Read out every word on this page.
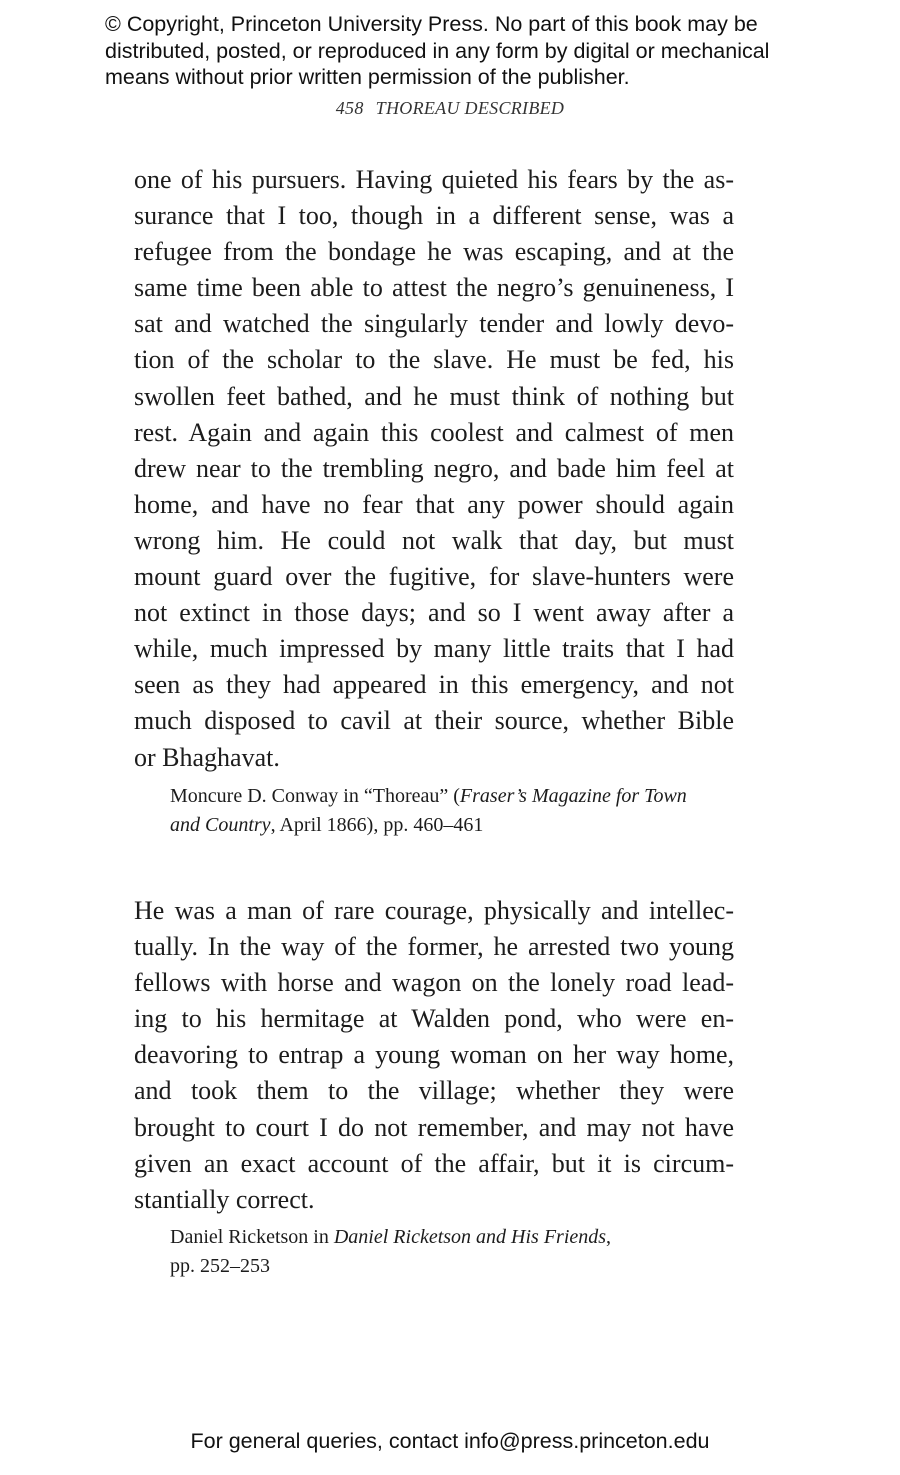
© Copyright, Princeton University Press. No part of this book may be
distributed, posted, or reproduced in any form by digital or mechanical
means without prior written permission of the publisher.
458 THOREAU DESCRIBED
one of his pursuers. Having quieted his fears by the as-
surance that I too, though in a different sense, was a
refugee from the bondage he was escaping, and at the
same time been able to attest the negro’s genuineness, I
sat and watched the singularly tender and lowly devo-
tion of the scholar to the slave. He must be fed, his
swollen feet bathed, and he must think of nothing but
rest. Again and again this coolest and calmest of men
drew near to the trembling negro, and bade him feel at
home, and have no fear that any power should again
wrong him. He could not walk that day, but must
mount guard over the fugitive, for slave-hunters were
not extinct in those days; and so I went away after a
while, much impressed by many little traits that I had
seen as they had appeared in this emergency, and not
much disposed to cavil at their source, whether Bible
or Bhaghavat.
Moncure D. Conway in “Thoreau” (Fraser’s Magazine for Town
and Country, April 1866), pp. 460–461
He was a man of rare courage, physically and intellec-
tually. In the way of the former, he arrested two young
fellows with horse and wagon on the lonely road lead-
ing to his hermitage at Walden pond, who were en-
deavoring to entrap a young woman on her way home,
and took them to the village; whether they were
brought to court I do not remember, and may not have
given an exact account of the affair, but it is circum-
stantially correct.
Daniel Ricketson in Daniel Ricketson and His Friends,
pp. 252–253
For general queries, contact info@press.princeton.edu
